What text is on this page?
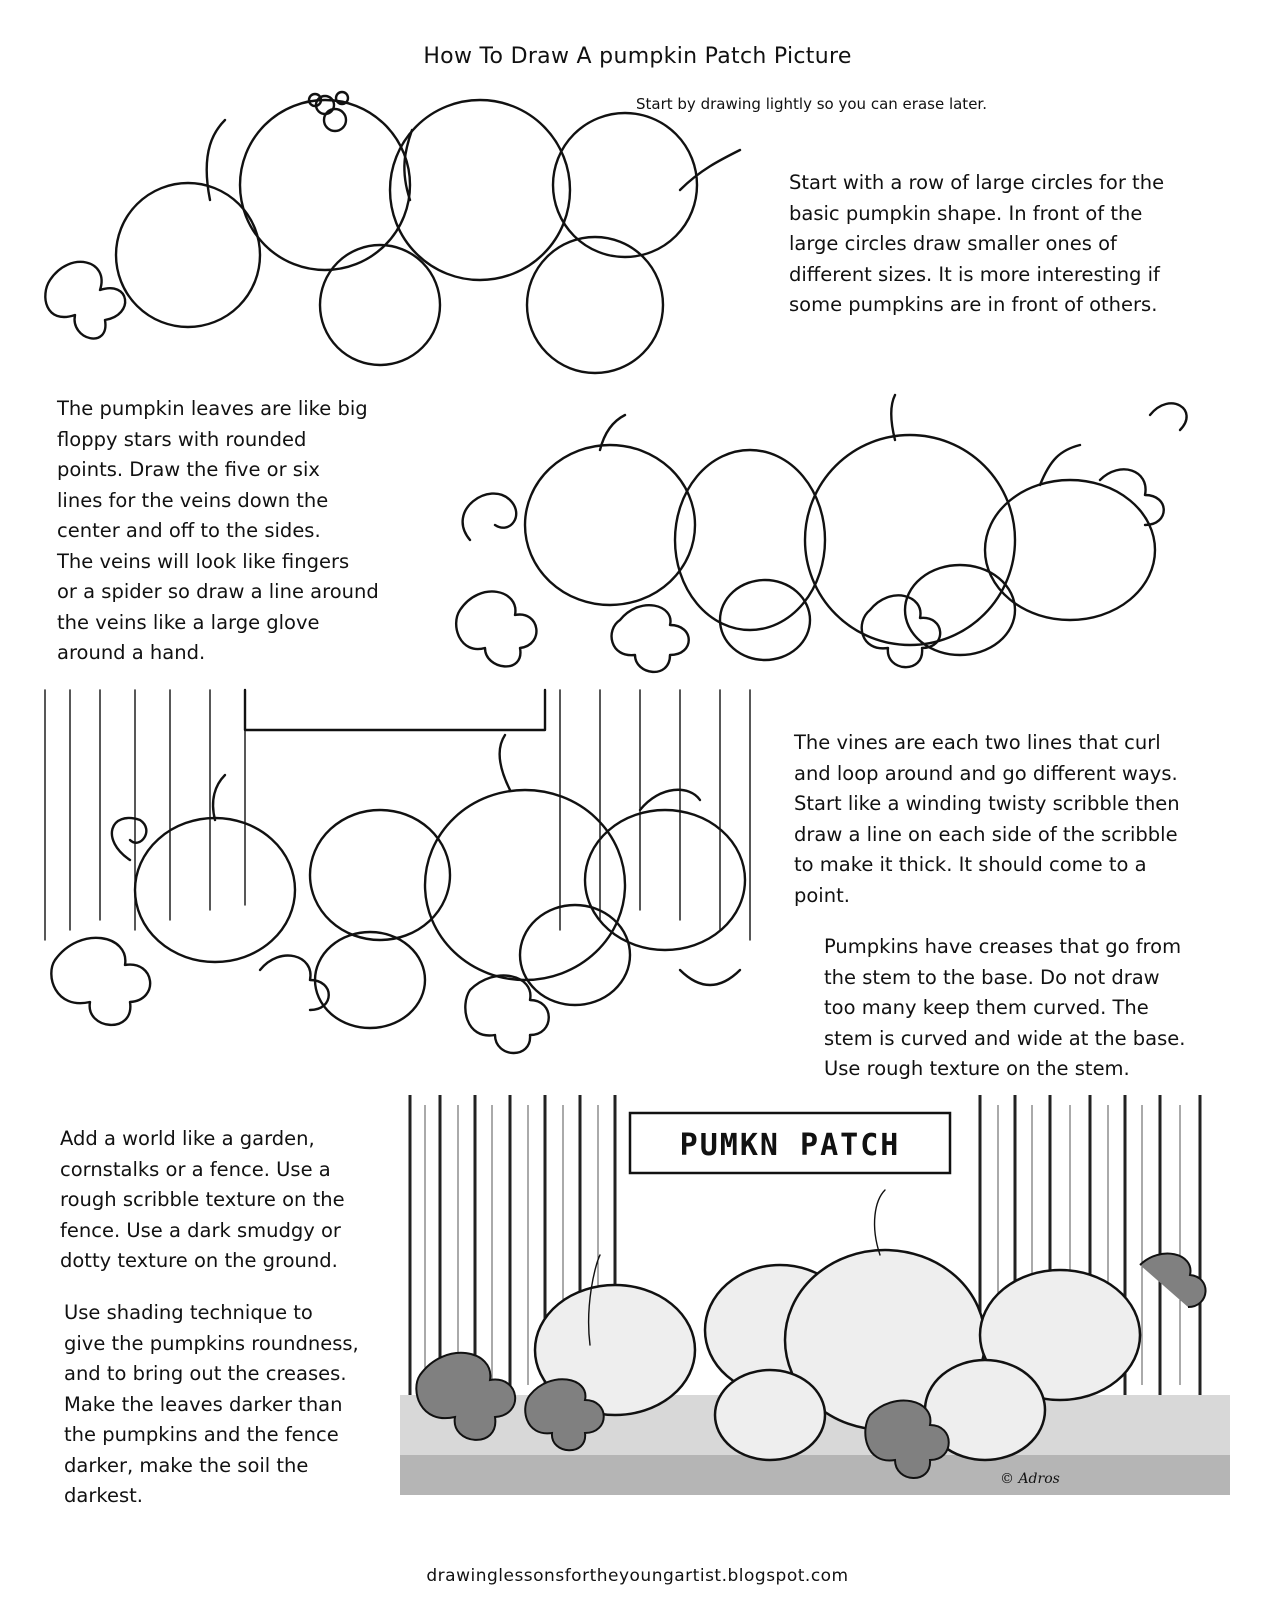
How To Draw A pumpkin Patch Picture
Start by drawing lightly so you can erase later.
Start with a row of large circles for the
basic pumpkin shape. In front of the
large circles draw smaller ones of
different sizes. It is more interesting if
some pumpkins are in front of others.
The pumpkin leaves are like big
floppy stars with rounded
points. Draw the five or six
lines for the veins down the
center and off to the sides.
The veins will look like fingers
or a spider so draw a line around
the veins like a large glove
around a hand.
The vines are each two lines that curl
and loop around and go different ways.
Start like a winding twisty scribble then
draw a line on each side of the scribble
to make it thick. It should come to a
point.
Pumpkins have creases that go from
the stem to the base. Do not draw
too many keep them curved. The
stem is curved and wide at the base.
Use rough texture on the stem.
Add a world like a garden,
cornstalks or a fence. Use a
rough scribble texture on the
fence. Use a dark smudgy or
dotty texture on the ground.
Use shading technique to
give the pumpkins roundness,
and to bring out the creases.
Make the leaves darker than
the pumpkins and the fence
darker, make the soil the
darkest.
PUMKN PATCH
© Adros
drawinglessonsfortheyoungartist.blogspot.com
